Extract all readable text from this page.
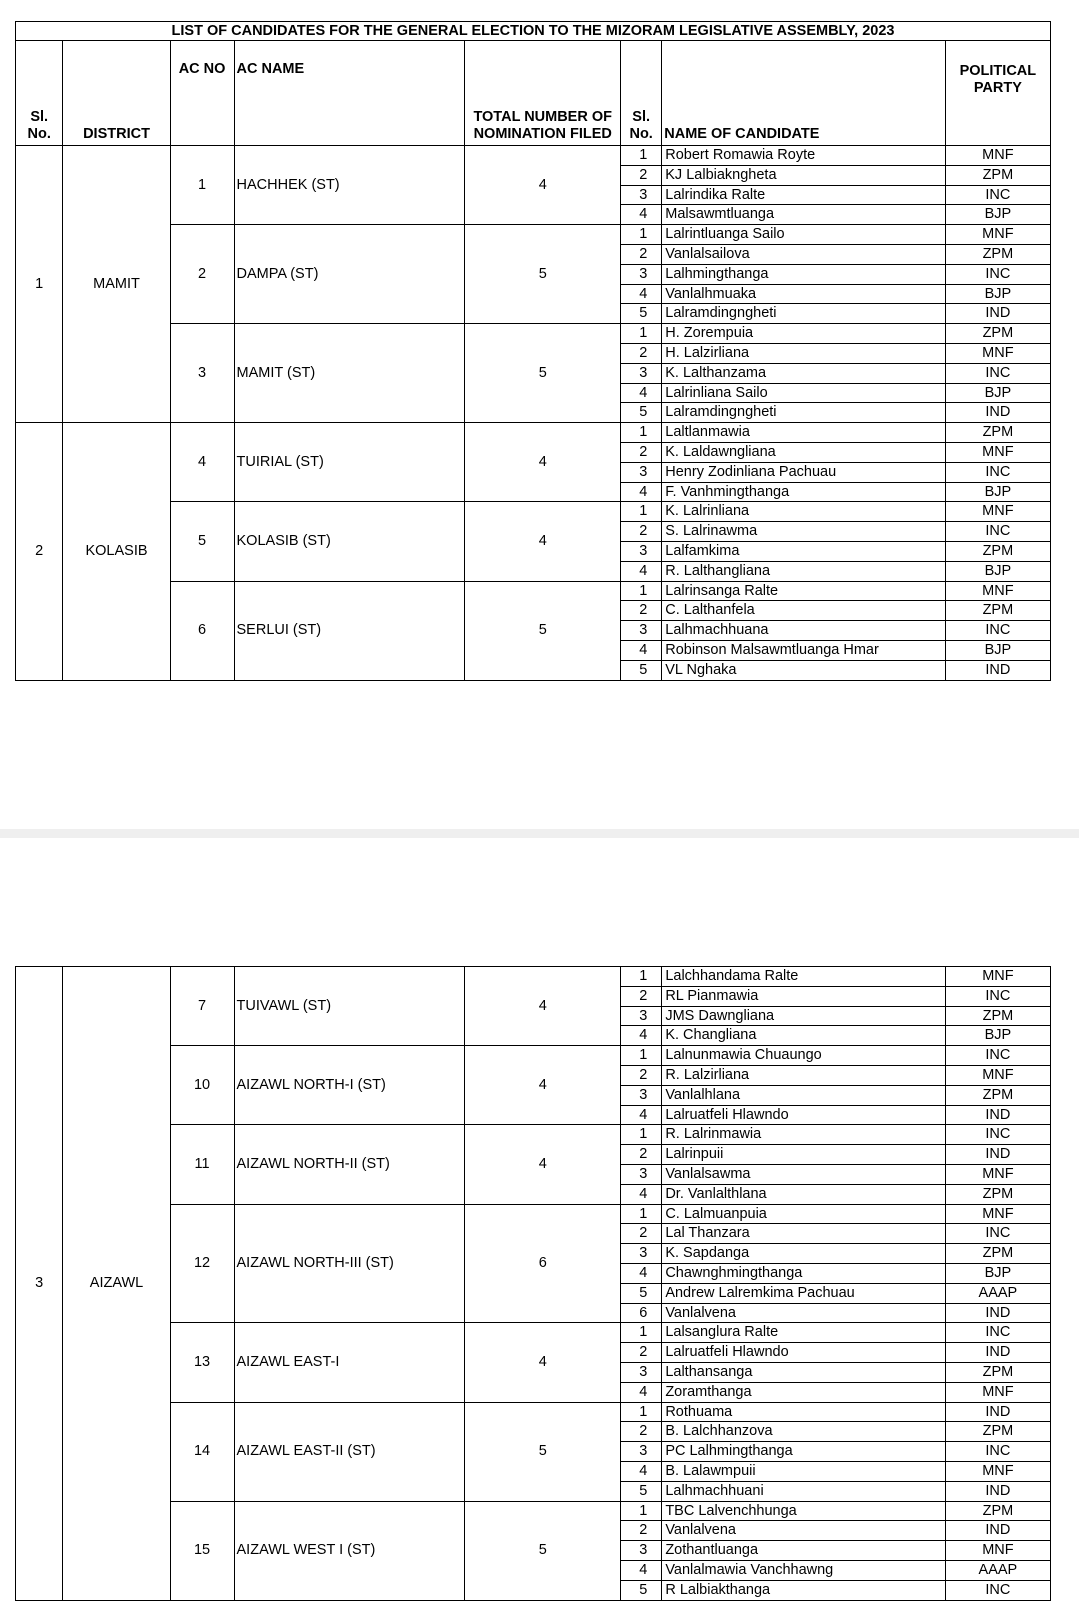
LIST OF CANDIDATES FOR THE GENERAL ELECTION TO THE MIZORAM LEGISLATIVE ASSEMBLY, 2023							
Sl. No.	DISTRICT	AC NO	AC NAME	TOTAL NUMBER OF NOMINATION FILED	Sl. No.	NAME OF CANDIDATE	POLITICAL PARTY
1	MAMIT	1	HACHHEK (ST)	4	1	Robert Romawia Royte	MNF
					2	KJ Lalbiakngheta	ZPM
					3	Lalrindika Ralte	INC
					4	Malsawmtluanga	BJP
		2	DAMPA (ST)	5	1	Lalrintluanga Sailo	MNF
					2	Vanlalsailova	ZPM
					3	Lalhmingthanga	INC
					4	Vanlalhmuaka	BJP
					5	Lalramdingngheti	IND
		3	MAMIT (ST)	5	1	H. Zorempuia	ZPM
					2	H. Lalzirliana	MNF
					3	K. Lalthanzama	INC
					4	Lalrinliana Sailo	BJP
					5	Lalramdingngheti	IND
2	KOLASIB	4	TUIRIAL (ST)	4	1	Laltlanmawia	ZPM
					2	K. Laldawngliana	MNF
					3	Henry Zodinliana Pachuau	INC
					4	F. Vanhmingthanga	BJP
		5	KOLASIB (ST)	4	1	K. Lalrinliana	MNF
					2	S. Lalrinawma	INC
					3	Lalfamkima	ZPM
					4	R. Lalthangliana	BJP
		6	SERLUI (ST)	5	1	Lalrinsanga Ralte	MNF
					2	C. Lalthanfela	ZPM
					3	Lalhmachhuana	INC
					4	Robinson Malsawmtluanga Hmar	BJP
					5	VL Nghaka	IND
3	AIZAWL	7	TUIVAWL (ST)	4	1	Lalchhandama Ralte	MNF
					2	RL Pianmawia	INC
					3	JMS Dawngliana	ZPM
					4	K. Changliana	BJP
		10	AIZAWL NORTH-I (ST)	4	1	Lalnunmawia Chuaungo	INC
					2	R. Lalzirliana	MNF
					3	Vanlalhlana	ZPM
					4	Lalruatfeli Hlawndo	IND
		11	AIZAWL NORTH-II (ST)	4	1	R. Lalrinmawia	INC
					2	Lalrinpuii	IND
					3	Vanlalsawma	MNF
					4	Dr. Vanlalthlana	ZPM
		12	AIZAWL NORTH-III (ST)	6	1	C. Lalmuanpuia	MNF
					2	Lal Thanzara	INC
					3	K. Sapdanga	ZPM
					4	Chawnghmingthanga	BJP
					5	Andrew Lalremkima Pachuau	AAAP
					6	Vanlalvena	IND
		13	AIZAWL EAST-I	4	1	Lalsanglura Ralte	INC
					2	Lalruatfeli Hlawndo	IND
					3	Lalthansanga	ZPM
					4	Zoramthanga	MNF
		14	AIZAWL EAST-II (ST)	5	1	Rothuama	IND
					2	B. Lalchhanzova	ZPM
					3	PC Lalhmingthanga	INC
					4	B. Lalawmpuii	MNF
					5	Lalhmachhuani	IND
		15	AIZAWL WEST I (ST)	5	1	TBC Lalvenchhunga	ZPM
					2	Vanlalvena	IND
					3	Zothantluanga	MNF
					4	Vanlalmawia Vanchhawng	AAAP
					5	R Lalbiakthanga	INC
